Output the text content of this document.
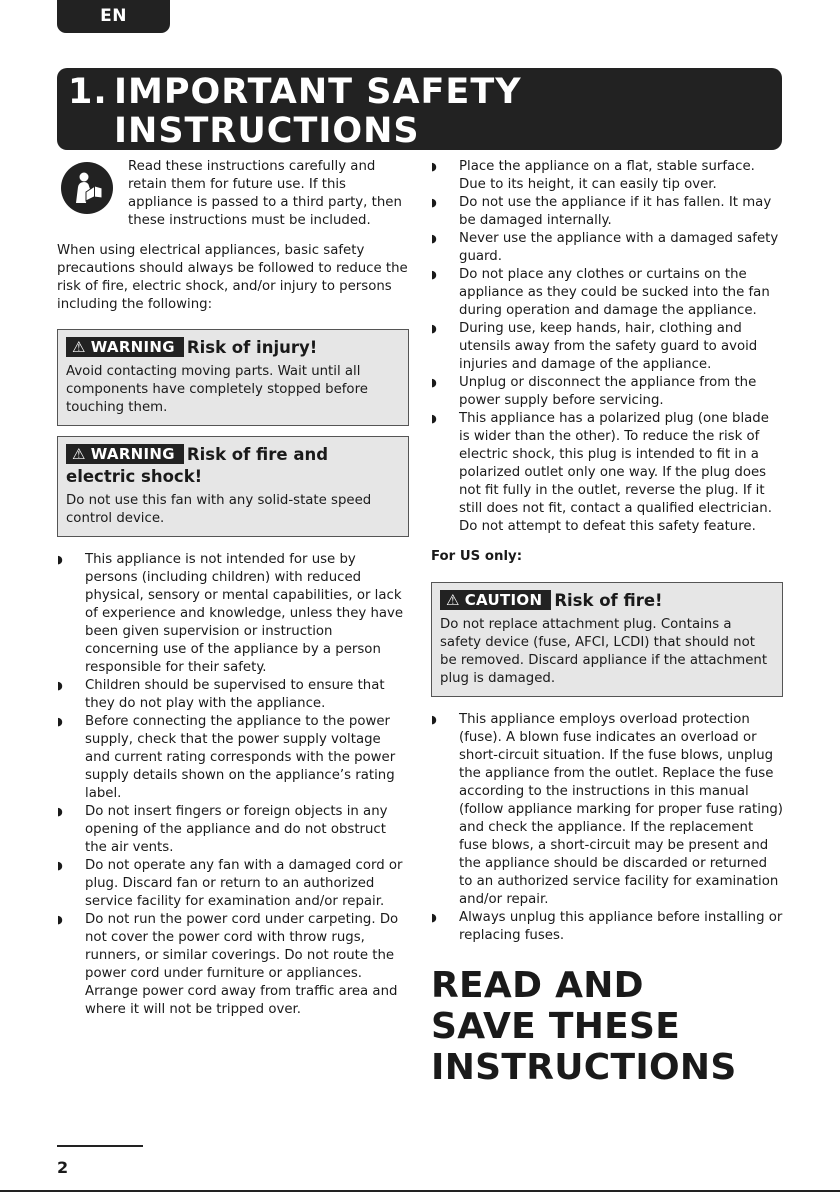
EN
1. IMPORTANT SAFETY
INSTRUCTIONS

Read these instructions carefully and retain them for future use. If this appliance is passed to a third party, then these instructions must be included.

When using electrical appliances, basic safety precautions should always be followed to reduce the risk of fire, electric shock, and/or injury to persons including the following:

⚠ WARNING Risk of injury!
Avoid contacting moving parts. Wait until all components have completely stopped before touching them.
⚠ WARNING Risk of fire and electric shock!
Do not use this fan with any solid-state speed control device.
◗ This appliance is not intended for use by persons (including children) with reduced physical, sensory or mental capabilities, or lack of experience and knowledge, unless they have been given supervision or instruction concerning use of the appliance by a person responsible for their safety.
◗ Children should be supervised to ensure that they do not play with the appliance.
◗ Before connecting the appliance to the power supply, check that the power supply voltage and current rating corresponds with the power supply details shown on the appliance’s rating label.
◗ Do not insert fingers or foreign objects in any opening of the appliance and do not obstruct the air vents.
◗ Do not operate any fan with a damaged cord or plug. Discard fan or return to an authorized service facility for examination and/or repair.
◗ Do not run the power cord under carpeting. Do not cover the power cord with throw rugs, runners, or similar coverings. Do not route the power cord under furniture or appliances. Arrange power cord away from traffic area and where it will not be tripped over.
◗ Place the appliance on a flat, stable surface. Due to its height, it can easily tip over.
◗ Do not use the appliance if it has fallen. It may be damaged internally.
◗ Never use the appliance with a damaged safety guard.
◗ Do not place any clothes or curtains on the appliance as they could be sucked into the fan during operation and damage the appliance.
◗ During use, keep hands, hair, clothing and utensils away from the safety guard to avoid injuries and damage of the appliance.
◗ Unplug or disconnect the appliance from the power supply before servicing.
◗ This appliance has a polarized plug (one blade is wider than the other). To reduce the risk of electric shock, this plug is intended to fit in a polarized outlet only one way. If the plug does not fit fully in the outlet, reverse the plug. If it still does not fit, contact a qualified electrician. Do not attempt to defeat this safety feature.
For US only:
⚠ CAUTION Risk of fire!
Do not replace attachment plug. Contains a safety device (fuse, AFCI, LCDI) that should not be removed. Discard appliance if the attachment plug is damaged.
◗ This appliance employs overload protection (fuse). A blown fuse indicates an overload or short-circuit situation. If the fuse blows, unplug the appliance from the outlet. Replace the fuse according to the instructions in this manual (follow appliance marking for proper fuse rating) and check the appliance. If the replacement fuse blows, a short-circuit may be present and the appliance should be discarded or returned to an authorized service facility for examination and/or repair.
◗ Always unplug this appliance before installing or replacing fuses.
READ AND
SAVE THESE
INSTRUCTIONS
2
